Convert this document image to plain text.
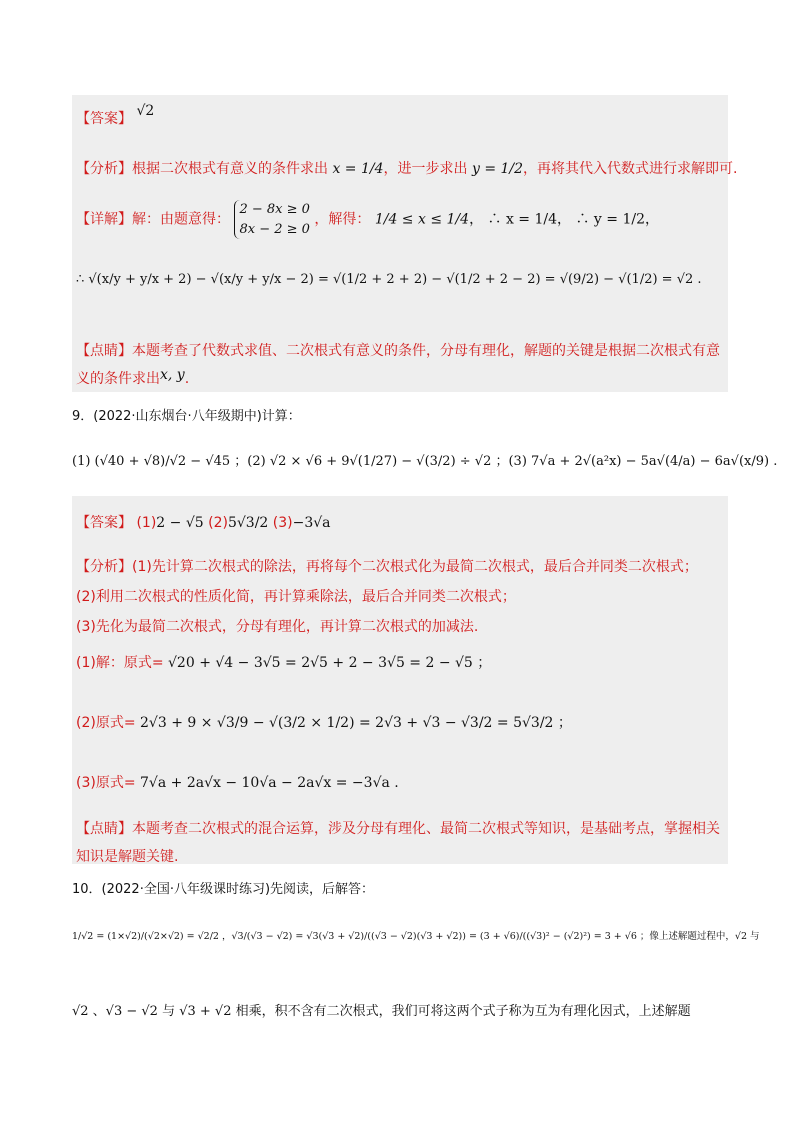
【答案】 √2
【分析】根据二次根式有意义的条件求出 x = 1/4，进一步求出 y = 1/2，再将其代入代数式进行求解即可.
【详解】解：由题意得：
2 − 8x ≥ 0
8x − 2 ≥ 0
，解得： 1/4 ≤ x ≤ 1/4， ∴ x = 1/4， ∴ y = 1/2，
∴ √(x/y + y/x + 2) − √(x/y + y/x − 2) = √(1/2 + 2 + 2) − √(1/2 + 2 − 2) = √(9/2) − √(1/2) = √2 .
【点睛】本题考查了代数式求值、二次根式有意义的条件，分母有理化，解题的关键是根据二次根式有意
义的条件求出x, y.
9．(2022·山东烟台·八年级期中)计算：
(1) (√40 + √8)/√2 − √45 ；(2) √2 × √6 + 9√(1/27) − √(3/2) ÷ √2 ；(3) 7√a + 2√(a²x) − 5a√(4/a) − 6a√(x/9) .
【答案】 (1)2 − √5 (2)5√3/2 (3)−3√a
【分析】(1)先计算二次根式的除法，再将每个二次根式化为最简二次根式，最后合并同类二次根式；
(2)利用二次根式的性质化简，再计算乘除法，最后合并同类二次根式；
(3)先化为最简二次根式，分母有理化，再计算二次根式的加减法.
(1)解：原式= √20 + √4 − 3√5 = 2√5 + 2 − 3√5 = 2 − √5 ；
(2)原式= 2√3 + 9 × √3/9 − √(3/2 × 1/2) = 2√3 + √3 − √3/2 = 5√3/2 ；
(3)原式= 7√a + 2a√x − 10√a − 2a√x = −3√a .
【点睛】本题考查二次根式的混合运算，涉及分母有理化、最简二次根式等知识，是基础考点，掌握相关
知识是解题关键.
10．(2022·全国·八年级课时练习)先阅读，后解答：
1/√2 = (1×√2)/(√2×√2) = √2/2 ，√3/(√3 − √2) = √3(√3 + √2)/((√3 − √2)(√3 + √2)) = (3 + √6)/((√3)² − (√2)²) = 3 + √6 ；像上述解题过程中，√2 与
√2 、√3 − √2 与 √3 + √2 相乘，积不含有二次根式，我们可将这两个式子称为互为有理化因式，上述解题
